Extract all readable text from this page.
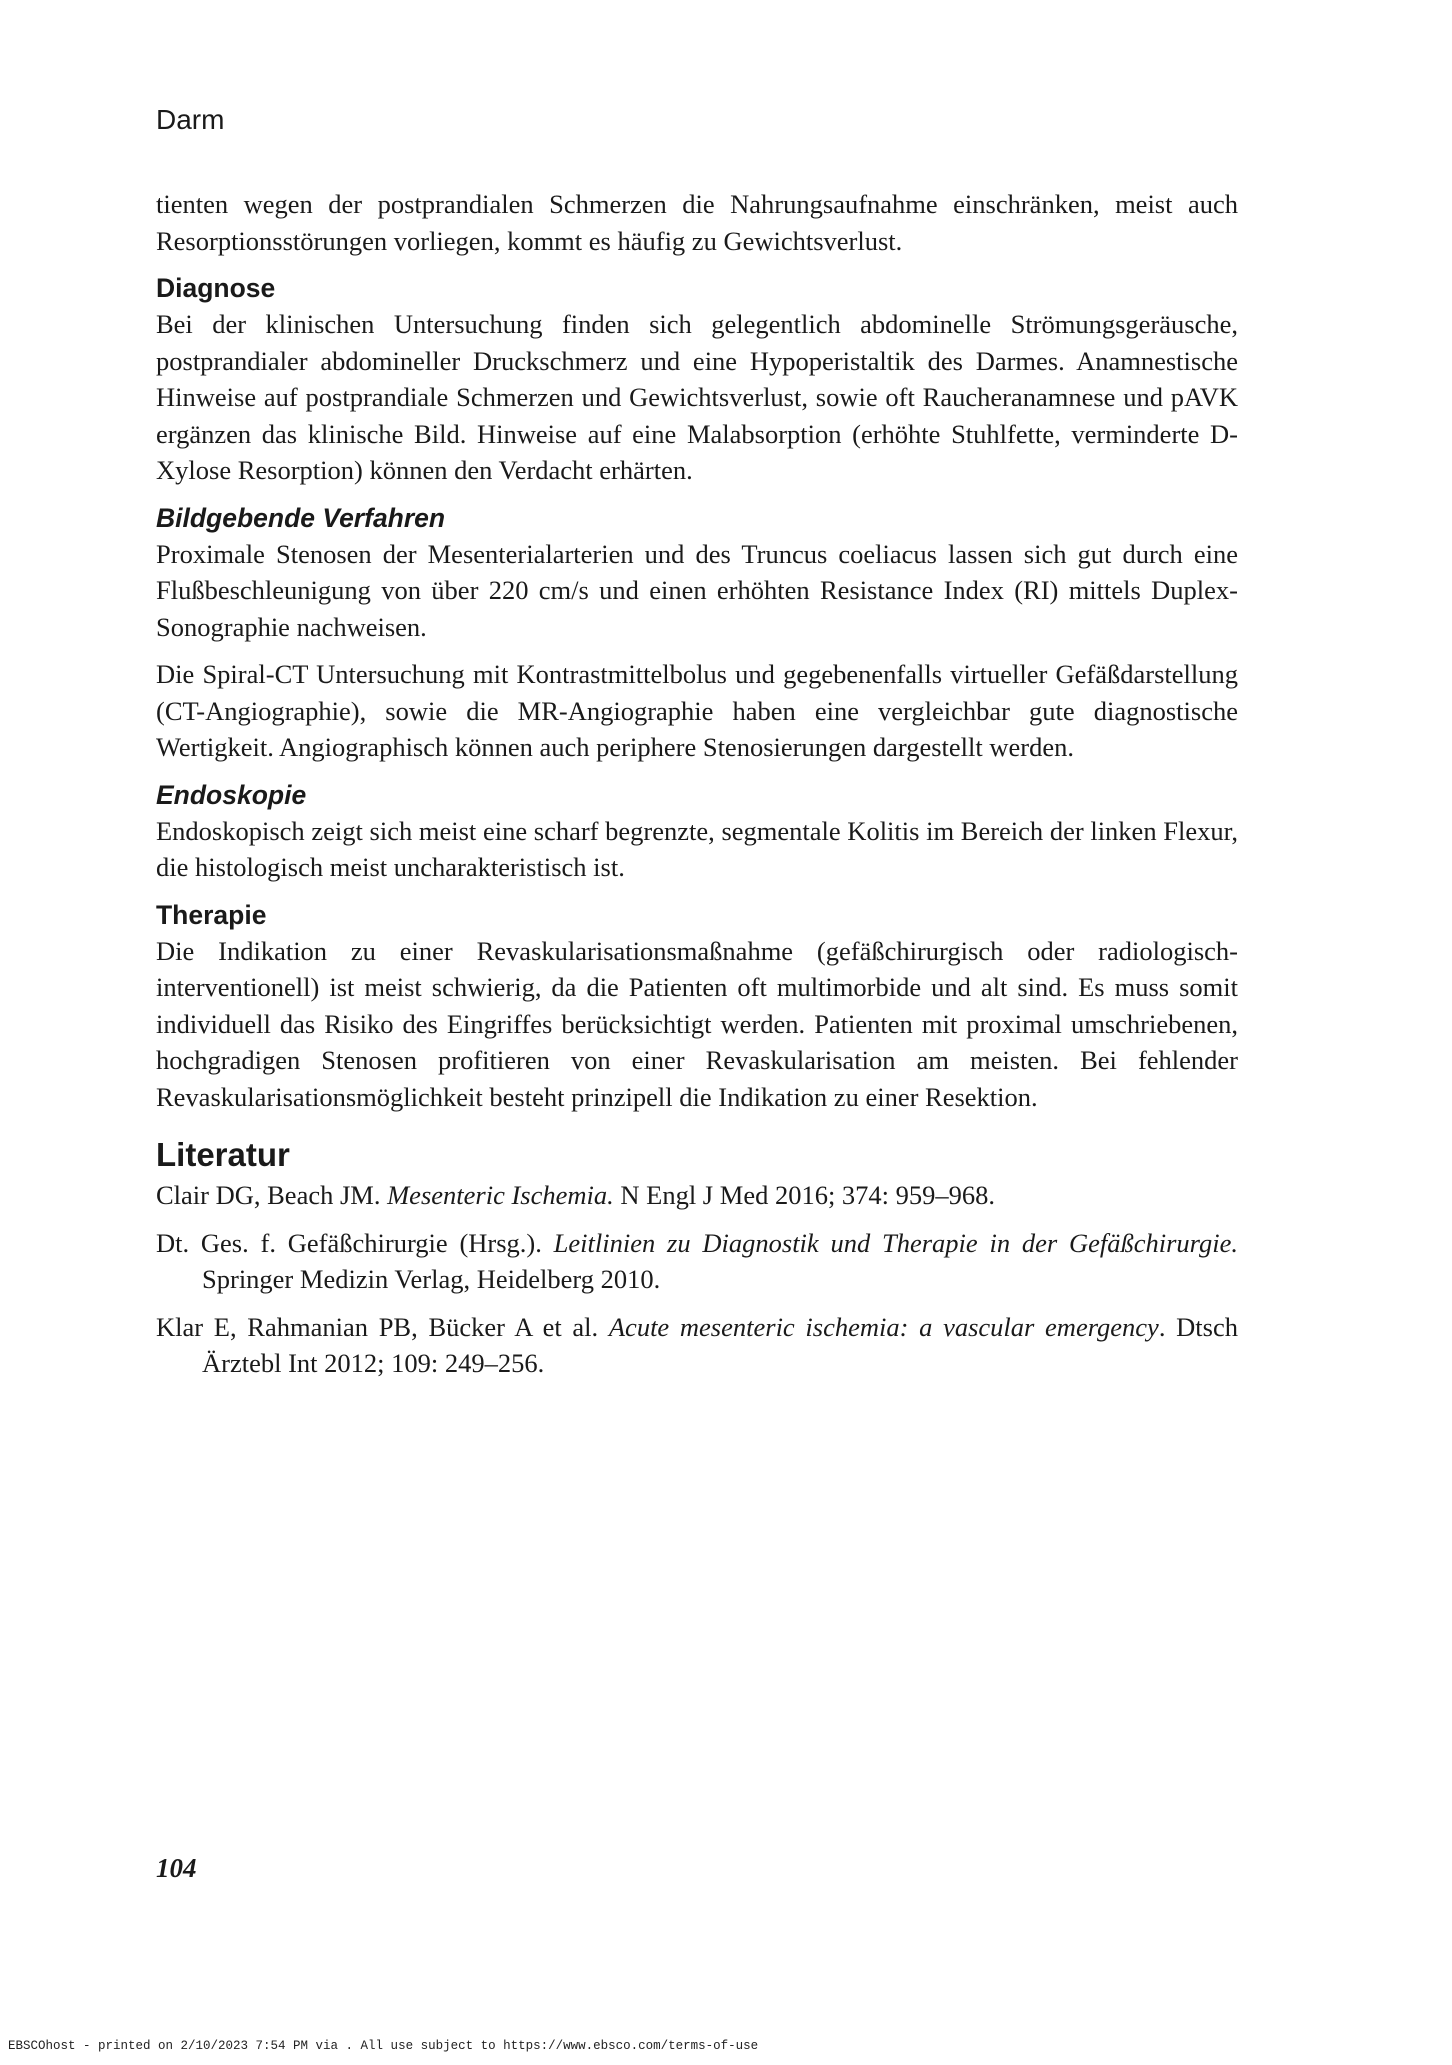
Darm

tienten wegen der postprandialen Schmerzen die Nahrungsaufnahme einschränken, meist auch Resorptionsstörungen vorliegen, kommt es häufig zu Gewichtsverlust.

Diagnose

Bei der klinischen Untersuchung finden sich gelegentlich abdominelle Strömungsgeräusche, postprandialer abdomineller Druckschmerz und eine Hypoperistaltik des Darmes. Anamnestische Hinweise auf postprandiale Schmerzen und Gewichtsverlust, sowie oft Raucheranamnese und pAVK ergänzen das klinische Bild. Hinweise auf eine Malabsorption (erhöhte Stuhlfette, verminderte D-Xylose Resorption) können den Verdacht erhärten.

Bildgebende Verfahren

Proximale Stenosen der Mesenterialarterien und des Truncus coeliacus lassen sich gut durch eine Flußbeschleunigung von über 220 cm/s und einen erhöhten Resistance Index (RI) mittels Duplex-Sonographie nachweisen.

Die Spiral-CT Untersuchung mit Kontrastmittelbolus und gegebenenfalls virtueller Gefäßdarstellung (CT-Angiographie), sowie die MR-Angiographie haben eine vergleichbar gute diagnostische Wertigkeit. Angiographisch können auch periphere Stenosierungen dargestellt werden.

Endoskopie

Endoskopisch zeigt sich meist eine scharf begrenzte, segmentale Kolitis im Bereich der linken Flexur, die histologisch meist uncharakteristisch ist.

Therapie

Die Indikation zu einer Revaskularisationsmaßnahme (gefäßchirurgisch oder radiologisch-interventionell) ist meist schwierig, da die Patienten oft multimorbide und alt sind. Es muss somit individuell das Risiko des Eingriffes berücksichtigt werden. Patienten mit proximal umschriebenen, hochgradigen Stenosen profitieren von einer Revaskularisation am meisten. Bei fehlender Revaskularisationsmöglichkeit besteht prinzipell die Indikation zu einer Resektion.

Literatur
Clair DG, Beach JM. Mesenteric Ischemia. N Engl J Med 2016; 374: 959–968.
Dt. Ges. f. Gefäßchirurgie (Hrsg.). Leitlinien zu Diagnostik und Therapie in der Gefäßchirurgie. Springer Medizin Verlag, Heidelberg 2010.
Klar E, Rahmanian PB, Bücker A et al. Acute mesenteric ischemia: a vascular emergency. Dtsch Ärztebl Int 2012; 109: 249–256.

104

EBSCOhost - printed on 2/10/2023 7:54 PM via . All use subject to https://www.ebsco.com/terms-of-use
